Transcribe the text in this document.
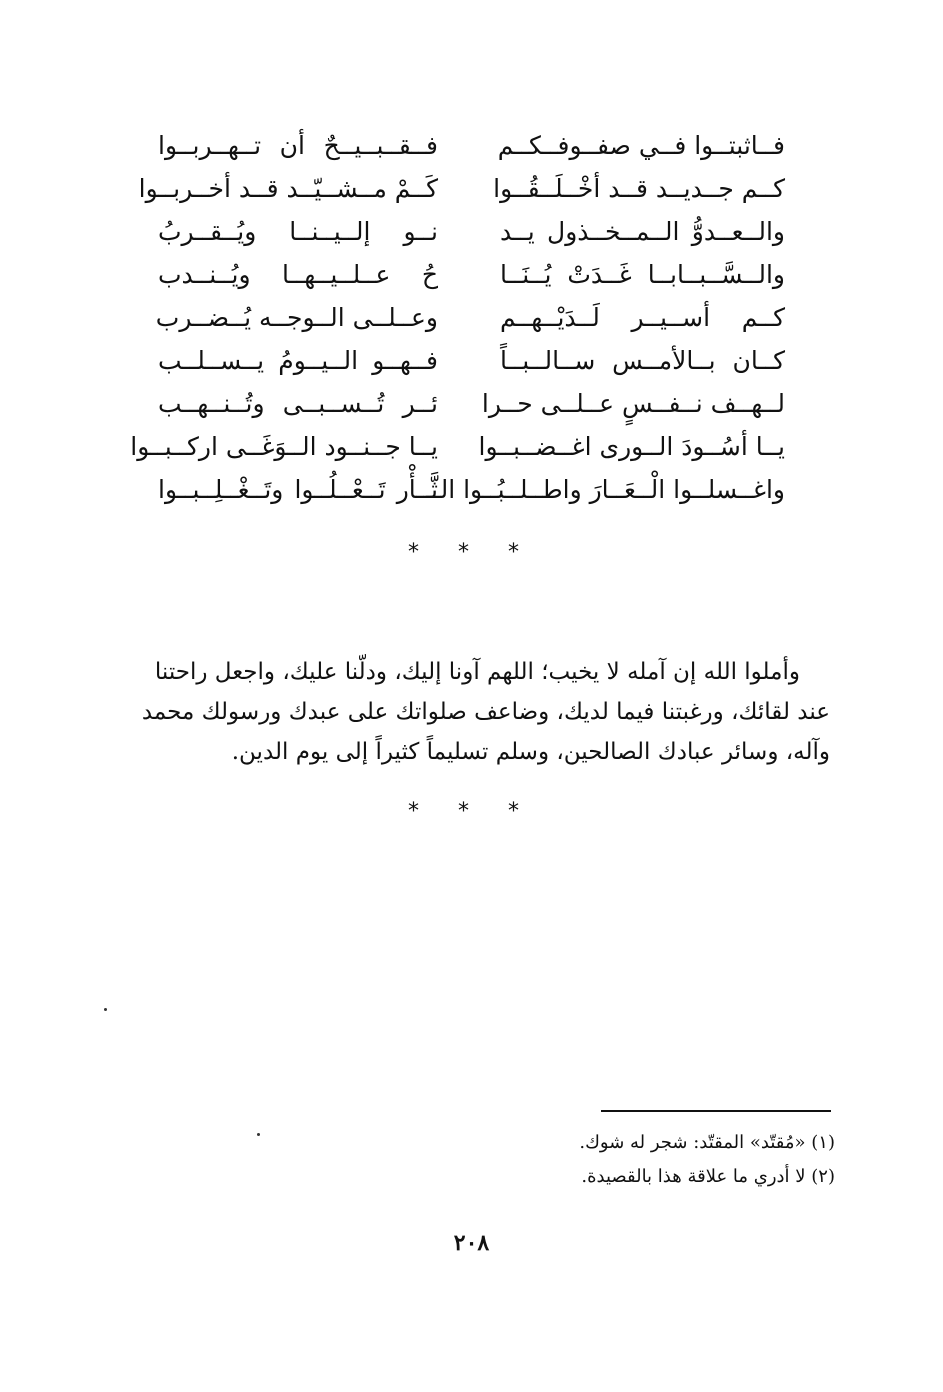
فــاثبتــوا فــي صفــوفــكــم
فــقــبــيــحٌ أن تــهــربــوا
كــم جــديــد قــد أخْــلَــقُــوا
كَــمْ مــشــيّــد قــد أخــربــوا
والــعــدوُّ الــمــخــذول يــد
نــو إلــيــنــا ويُــقــربُ
والــسَّــبــابــا غَــدَتْ يُــنَــا
حُ عــلــيــهــا ويُــنــدب
كــم أســيــر لَــدَيْــهــم
وعــلــى الــوجــه يُــضــرب
كــان بــالأمــس ســالــبــاً
فــهــو الــيــومُ يــســلــب
لــهــف نــفــسٍ عــلــى حــرا
ئــر تُــســبــى وتُــنــهــب
يــا أسُــودَ الــورى اغــضــبــوا
يــا جــنــود الــوَغَــى اركــبــوا
واغــسلــوا الْــعَــارَ واطــلــبُــوا الــ
ثَّــأْر تَــعْــلُــوا وتَــغْــلِــبــوا
* * *

وأملوا الله إن آمله لا يخيب؛ اللهم آونا إليك، ودلّنا عليك، واجعل راحتنا

عند لقائك، ورغبتنا فيما لديك، وضاعف صلواتك على عبدك ورسولك محمد

وآله، وسائر عبادك الصالحين، وسلم تسليماً كثيراً إلى يوم الدين.

* * *
(١) «مُقتّد» المقتّد: شجر له شوك.
(٢) لا أدري ما علاقة هذا بالقصيدة.
٢٠٨
